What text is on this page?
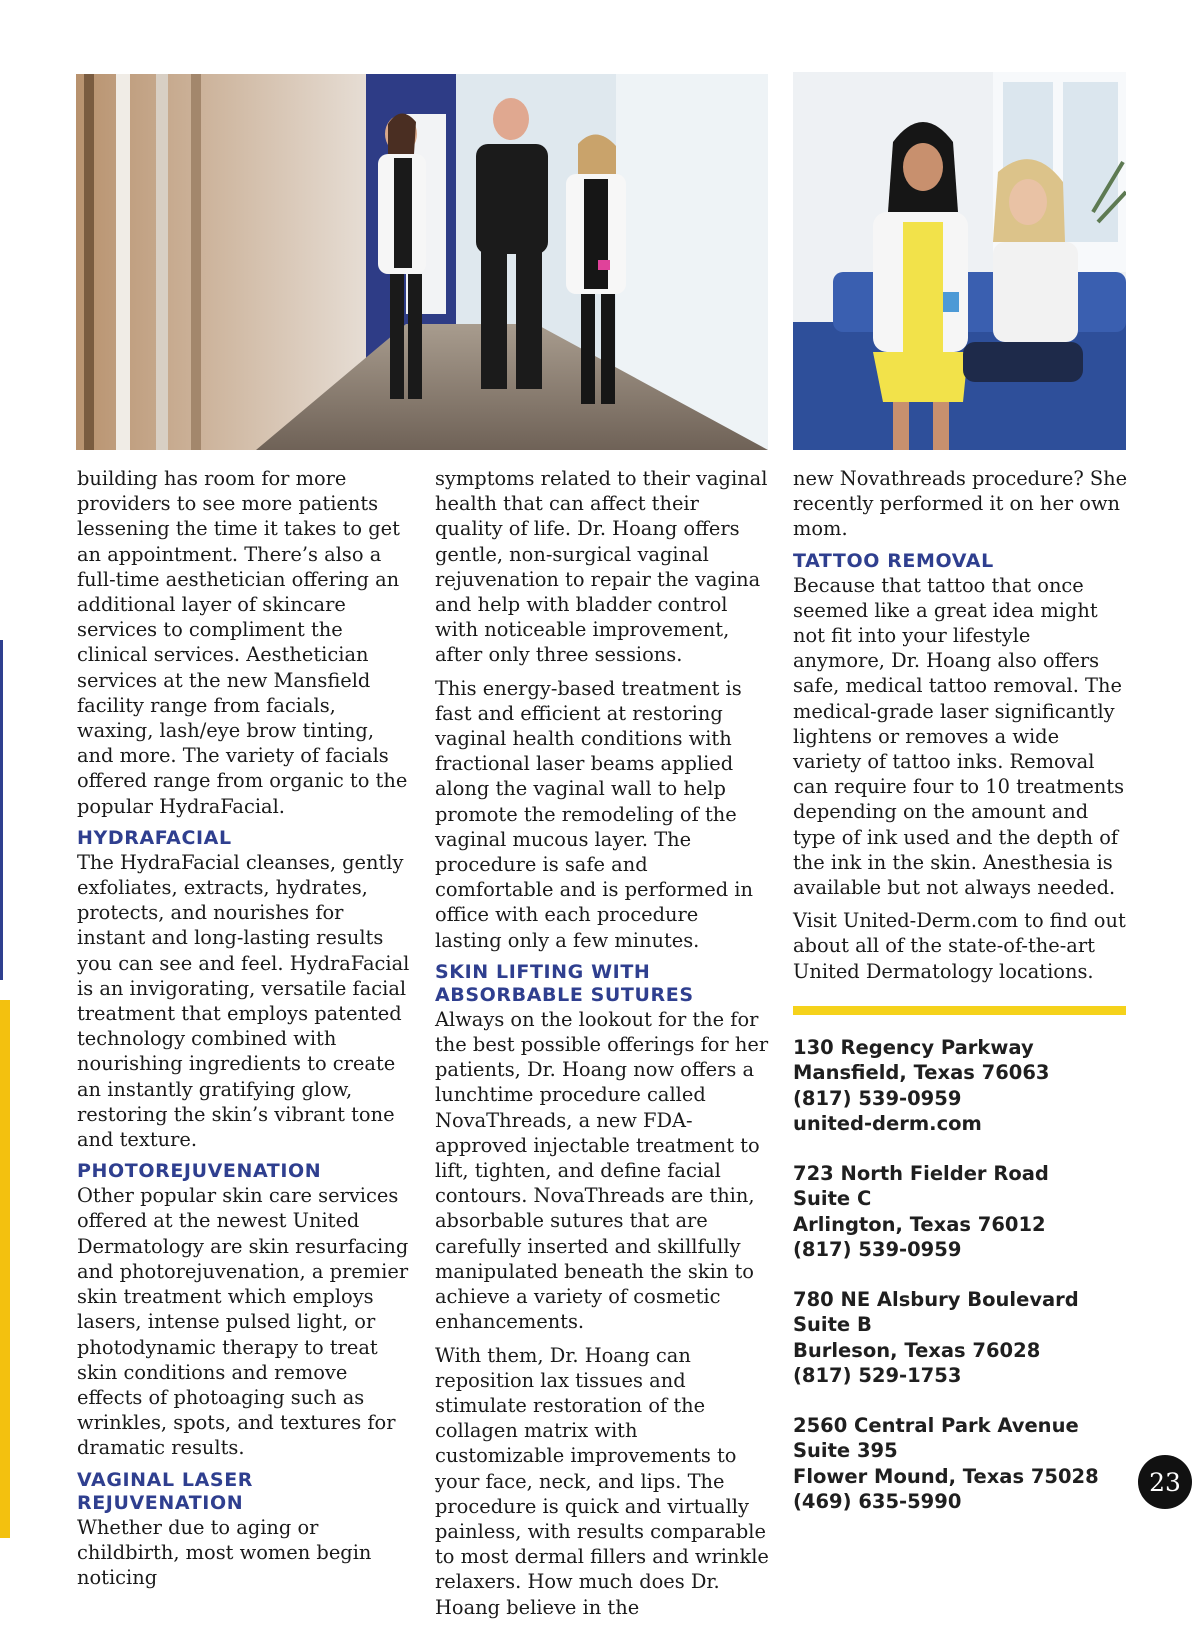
building has room for more providers to see more patients lessening the time it takes to get an appointment. There’s also a full-time aesthetician offering an additional layer of skincare services to compliment the clinical services. Aesthetician services at the new Mansfield facility range from facials, waxing, lash/eye brow tinting, and more. The variety of facials offered range from organic to the popular HydraFacial.

HYDRAFACIAL

The HydraFacial cleanses, gently exfoliates, extracts, hydrates, protects, and nourishes for instant and long-lasting results you can see and feel. HydraFacial is an invigorating, versatile facial treatment that employs patented technology combined with nourishing ingredients to create an instantly gratifying glow, restoring the skin’s vibrant tone and texture.

PHOTOREJUVENATION

Other popular skin care services offered at the newest United Dermatology are skin resurfacing and photorejuvenation, a premier skin treatment which employs lasers, intense pulsed light, or photodynamic therapy to treat skin conditions and remove effects of photoaging such as wrinkles, spots, and textures for dramatic results.

VAGINAL LASER
REJUVENATION

Whether due to aging or childbirth, most women begin noticing

symptoms related to their vaginal health that can affect their quality of life. Dr. Hoang offers gentle, non-surgical vaginal rejuvenation to repair the vagina and help with bladder control with noticeable improvement, after only three sessions.

This energy-based treatment is fast and efficient at restoring vaginal health conditions with fractional laser beams applied along the vaginal wall to help promote the remodeling of the vaginal mucous layer. The procedure is safe and comfortable and is performed in office with each procedure lasting only a few minutes.

SKIN LIFTING WITH
ABSORBABLE SUTURES

Always on the lookout for the for the best possible offerings for her patients, Dr. Hoang now offers a lunchtime procedure called NovaThreads, a new FDA-approved injectable treatment to lift, tighten, and define facial contours. NovaThreads are thin, absorbable sutures that are carefully inserted and skillfully manipulated beneath the skin to achieve a variety of cosmetic enhancements.

With them, Dr. Hoang can reposition lax tissues and stimulate restoration of the collagen matrix with customizable improvements to your face, neck, and lips. The procedure is quick and virtually painless, with results comparable to most dermal fillers and wrinkle relaxers. How much does Dr. Hoang believe in the

new Novathreads procedure? She recently performed it on her own mom.

TATTOO REMOVAL

Because that tattoo that once seemed like a great idea might not fit into your lifestyle anymore, Dr. Hoang also offers safe, medical tattoo removal. The medical-grade laser significantly lightens or removes a wide variety of tattoo inks. Removal can require four to 10 treatments depending on the amount and type of ink used and the depth of the ink in the skin. Anesthesia is available but not always needed.

Visit United-Derm.com to find out about all of the state-of-the-art United Dermatology locations.

130 Regency Parkway
Mansfield, Texas 76063
(817) 539-0959
united-derm.com
723 North Fielder Road
Suite C
Arlington, Texas 76012
(817) 539-0959
780 NE Alsbury Boulevard
Suite B
Burleson, Texas 76028
(817) 529-1753
2560 Central Park Avenue
Suite 395
Flower Mound, Texas 75028
(469) 635-5990
23
